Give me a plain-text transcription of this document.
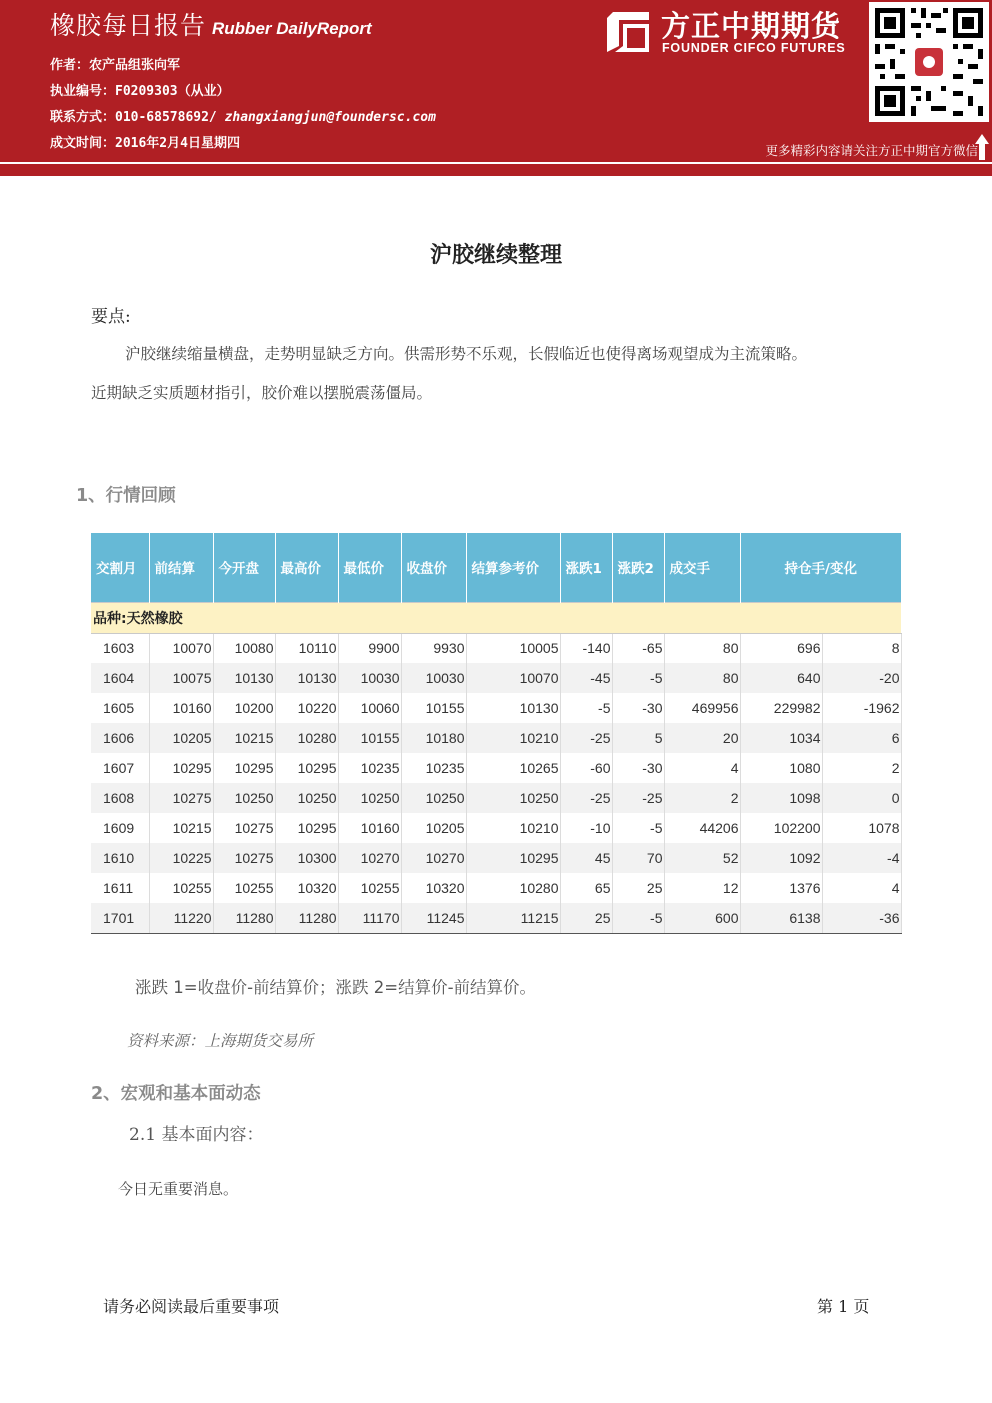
橡胶每日报告 Rubber DailyReport
作者：农产品组张向军
执业编号：F0209303（从业）
联系方式：010-68578692/ zhangxiangjun@foundersc.com
成文时间：2016年2月4日星期四
方正中期期货
FOUNDER CIFCO FUTURES
更多精彩内容请关注方正中期官方微信
沪胶继续整理
要点:
沪胶继续缩量横盘，走势明显缺乏方向。供需形势不乐观，长假临近也使得离场观望成为主流策略。
近期缺乏实质题材指引，胶价难以摆脱震荡僵局。
1、行情回顾
交割月	前结算	今开盘	最高价	最低价	收盘价	结算参考价	涨跌1	涨跌2	成交手	持仓手/变化	
品种:天然橡胶											
1603	10070	10080	10110	9900	9930	10005	-140	-65	80	696	8
1604	10075	10130	10130	10030	10030	10070	-45	-5	80	640	-20
1605	10160	10200	10220	10060	10155	10130	-5	-30	469956	229982	-1962
1606	10205	10215	10280	10155	10180	10210	-25	5	20	1034	6
1607	10295	10295	10295	10235	10235	10265	-60	-30	4	1080	2
1608	10275	10250	10250	10250	10250	10250	-25	-25	2	1098	0
1609	10215	10275	10295	10160	10205	10210	-10	-5	44206	102200	1078
1610	10225	10275	10300	10270	10270	10295	45	70	52	1092	-4
1611	10255	10255	10320	10255	10320	10280	65	25	12	1376	4
1701	11220	11280	11280	11170	11245	11215	25	-5	600	6138	-36
涨跌 1=收盘价-前结算价；涨跌 2=结算价-前结算价。
资料来源：上海期货交易所
2、宏观和基本面动态
2.1 基本面内容：
今日无重要消息。
请务必阅读最后重要事项	第 1 页
